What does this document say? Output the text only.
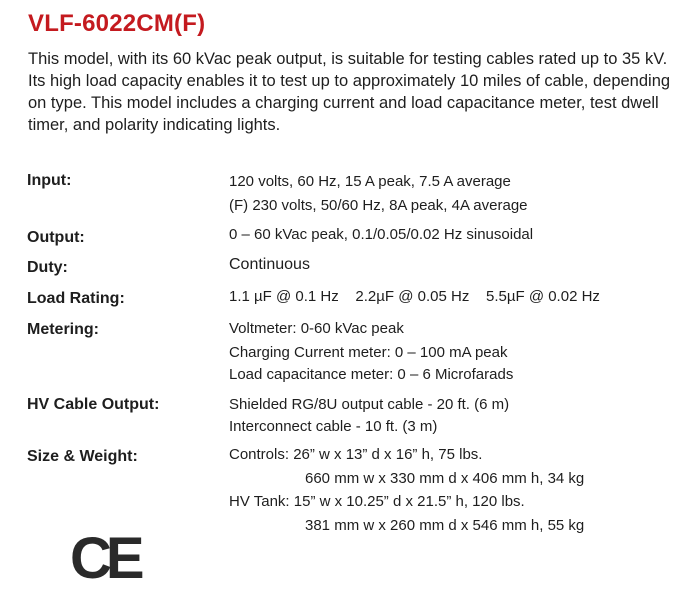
VLF-6022CM(F)
This model, with its 60 kVac peak output, is suitable for testing cables rated up to 35 kV. Its high load capacity enables it to test up to approximately 10 miles of cable, depending on type. This model includes a charging current and load capacitance meter, test dwell timer, and polarity indicating lights.
Input:	120 volts, 60 Hz, 15 A peak, 7.5 A average
(F) 230 volts, 50/60 Hz, 8A peak, 4A average
Output:	0 – 60 kVac peak, 0.1/0.05/0.02 Hz sinusoidal
Duty:	Continuous
Load Rating:	1.1 µF @ 0.1 Hz    2.2µF @ 0.05 Hz    5.5µF @ 0.02 Hz
Metering:	Voltmeter: 0-60 kVac peak
Charging Current meter: 0 – 100 mA peak
Load capacitance meter: 0 – 6 Microfarads
HV Cable Output:	Shielded RG/8U output cable - 20 ft. (6 m)
Interconnect cable - 10 ft. (3 m)
Size & Weight:	Controls: 26” w x 13” d x 16” h, 75 lbs.
660 mm w x 330 mm d x 406 mm h, 34 kg
HV Tank: 15” w x 10.25” d x 21.5” h, 120 lbs.
381 mm w x 260 mm d x 546 mm h, 55 kg
CE
